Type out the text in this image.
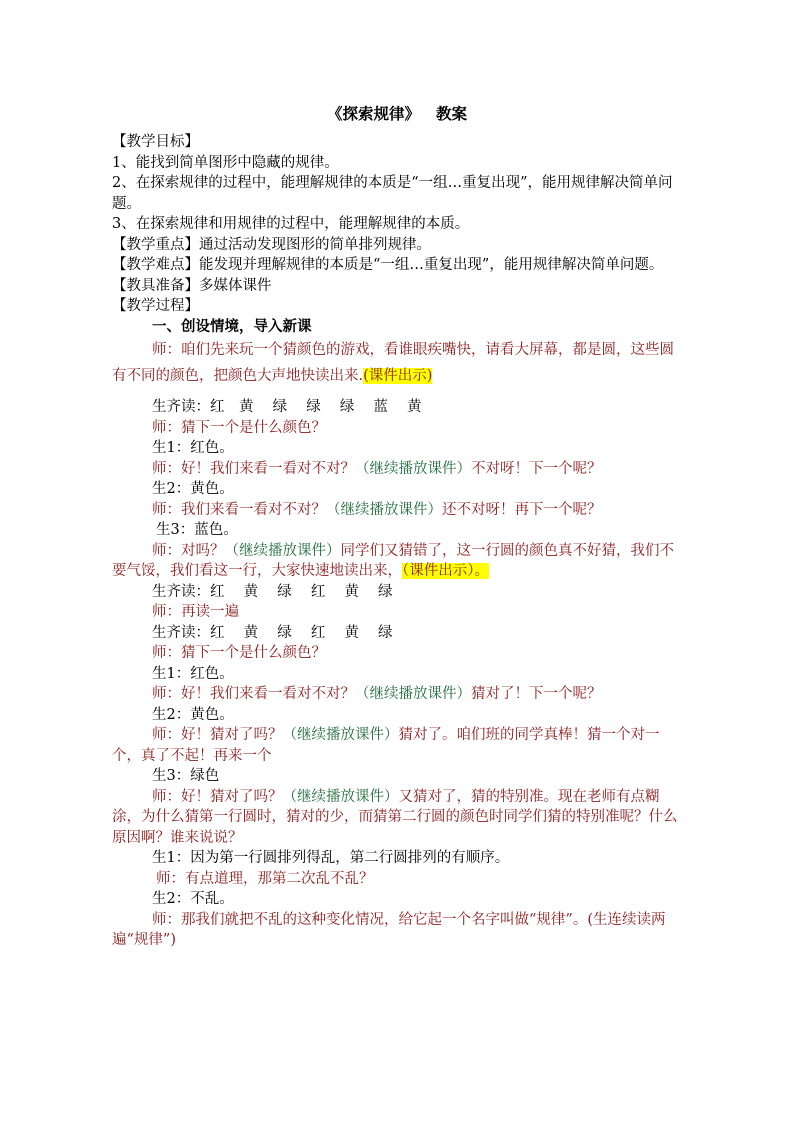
《探索规律》 教案

【教学目标】

1、能找到简单图形中隐藏的规律。

2、在探索规律的过程中，能理解规律的本质是“一组…重复出现”，能用规律解决简单问题。

3、在探索规律和用规律的过程中，能理解规律的本质。

【教学重点】通过活动发现图形的简单排列规律。

【教学难点】能发现并理解规律的本质是“一组…重复出现”，能用规律解决简单问题。

【教具准备】多媒体课件

【教学过程】

一、创设情境，导入新课

师：咱们先来玩一个猜颜色的游戏，看谁眼疾嘴快，请看大屏幕，都是圆，这些圆有不同的颜色，把颜色大声地快读出来.(课件出示)

生齐读：红　黄　 绿　 绿　 绿　 蓝　 黄

师：猜下一个是什么颜色？

生1：红色。

师：好！我们来看一看对不对？（继续播放课件）不对呀！下一个呢？

生2：黄色。

师：我们来看一看对不对？（继续播放课件）还不对呀！再下一个呢？

生3：蓝色。

师：对吗？（继续播放课件）同学们又猜错了，这一行圆的颜色真不好猜，我们不要气馁，我们看这一行，大家快速地读出来，（课件出示）。

生齐读：红　 黄　 绿　 红　 黄　 绿

师：再读一遍

生齐读：红　 黄　 绿　 红　 黄　 绿

师：猜下一个是什么颜色？

生1：红色。

师：好！我们来看一看对不对？（继续播放课件）猜对了！下一个呢？

生2：黄色。

师：好！猜对了吗？（继续播放课件）猜对了。咱们班的同学真棒！猜一个对一个，真了不起！再来一个

生3：绿色

师：好！猜对了吗？（继续播放课件）又猜对了，猜的特别准。现在老师有点糊涂，为什么猜第一行圆时，猜对的少，而猜第二行圆的颜色时同学们猜的特别准呢？什么原因啊？谁来说说？

生1：因为第一行圆排列得乱，第二行圆排列的有顺序。

师：有点道理，那第二次乱不乱？

生2：不乱。

师：那我们就把不乱的这种变化情况，给它起一个名字叫做“规律”。(生连续读两遍“规律”)
